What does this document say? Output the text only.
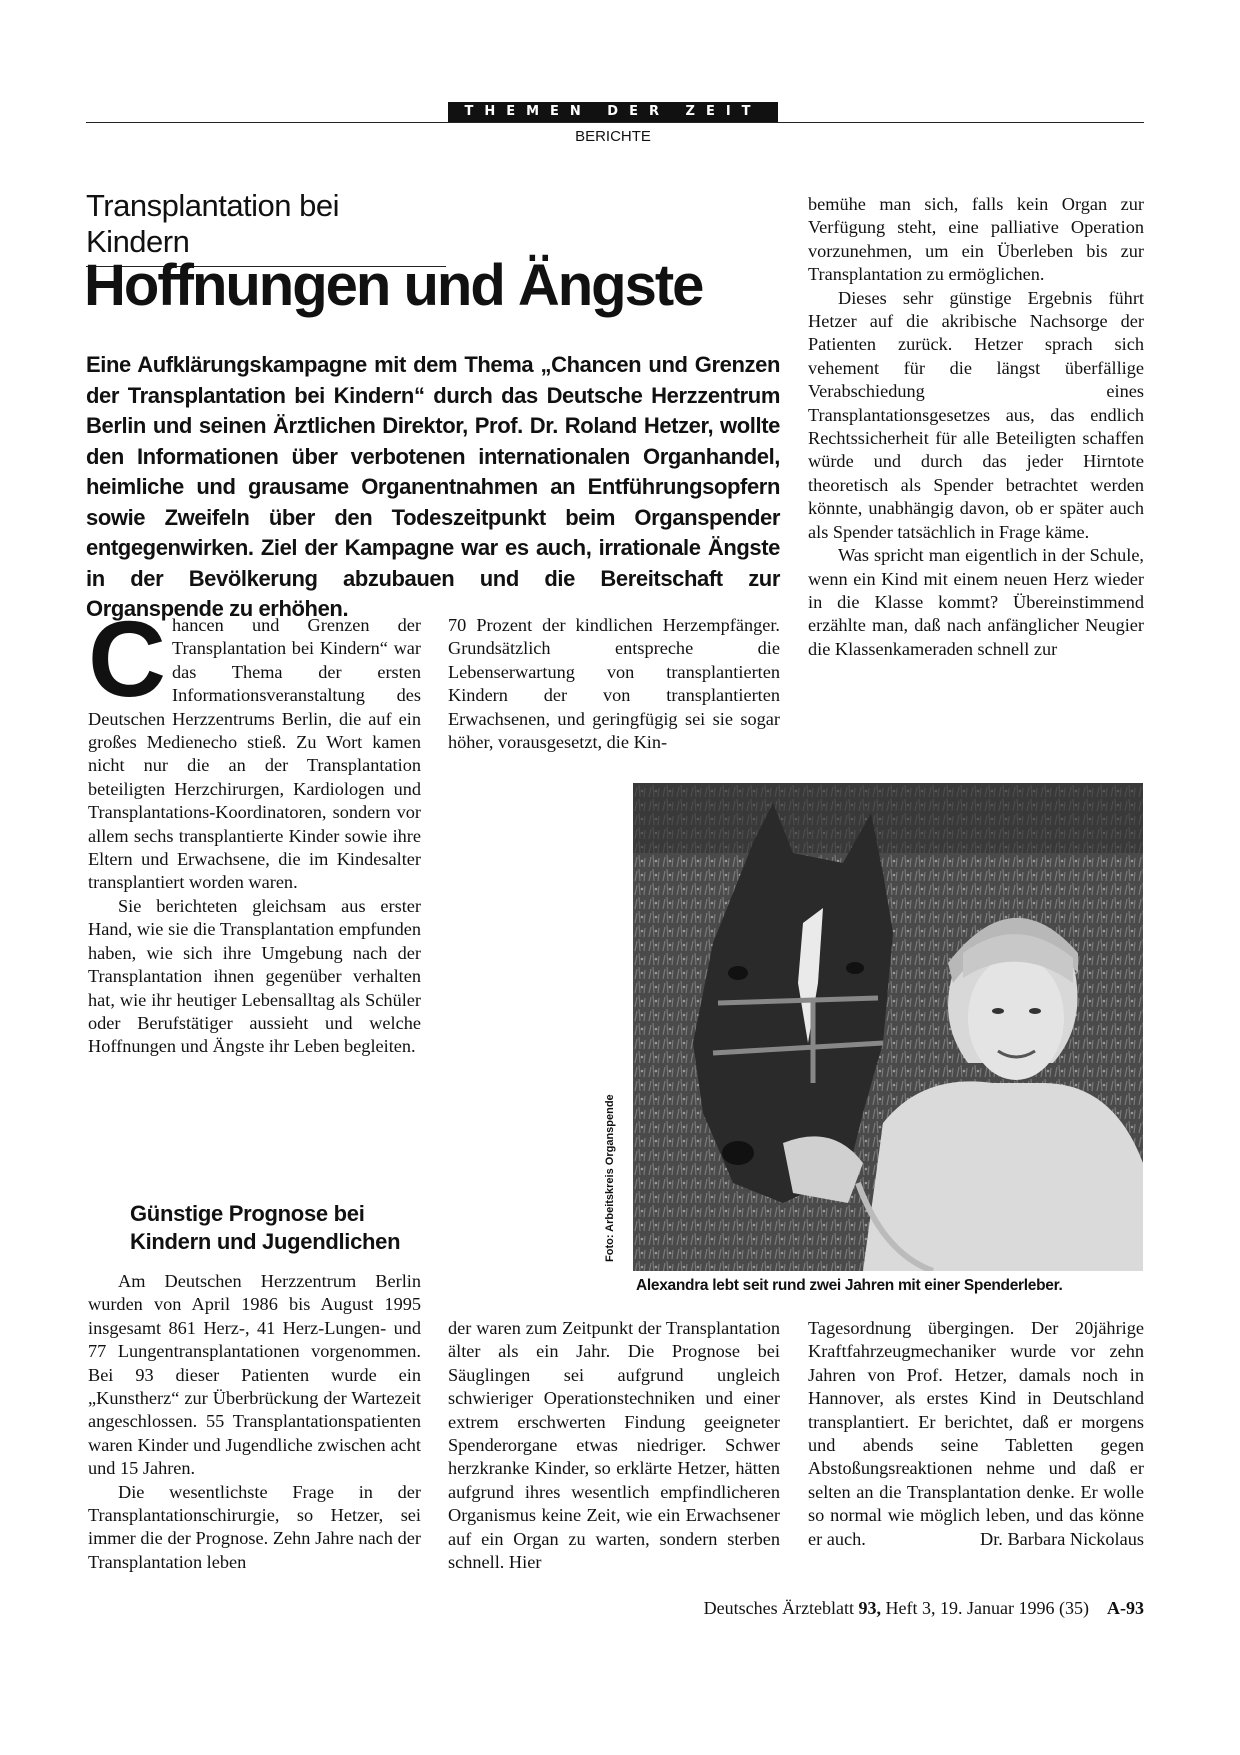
THEMEN DER ZEIT
BERICHTE
Transplantation bei Kindern
Hoffnungen und Ängste
Eine Aufklärungskampagne mit dem Thema „Chancen und Grenzen der Transplantation bei Kindern“ durch das Deutsche Herzzentrum Berlin und seinen Ärztlichen Direktor, Prof. Dr. Roland Hetzer, wollte den Informationen über verbotenen internationalen Organhandel, heimliche und grausame Organentnahmen an Entführungsopfern sowie Zweifeln über den Todeszeitpunkt beim Organspender entgegenwirken. Ziel der Kampagne war es auch, irrationale Ängste in der Bevölkerung abzubauen und die Bereitschaft zur Organspende zu erhöhen.
C hancen und Grenzen der Transplantation bei Kindern“ war das Thema der ersten Informationsveranstaltung des Deutschen Herzzentrums Berlin, die auf ein großes Medienecho stieß. Zu Wort kamen nicht nur die an der Transplantation beteiligten Herzchirurgen, Kardiologen und Transplantations-Koordinatoren, sondern vor allem sechs transplantierte Kinder sowie ihre Eltern und Erwachsene, die im Kindesalter transplantiert worden waren.

Sie berichteten gleichsam aus erster Hand, wie sie die Transplantation empfunden haben, wie sich ihre Umgebung nach der Transplantation ihnen gegenüber verhalten hat, wie ihr heutiger Lebensalltag als Schüler oder Berufstätiger aussieht und welche Hoffnungen und Ängste ihr Leben begleiten.

Günstige Prognose bei Kindern und Jugendlichen

Am Deutschen Herzzentrum Berlin wurden von April 1986 bis August 1995 insgesamt 861 Herz-, 41 Herz-Lungen- und 77 Lungentransplantationen vorgenommen. Bei 93 dieser Patienten wurde ein „Kunstherz“ zur Überbrückung der Wartezeit angeschlossen. 55 Transplantationspatienten waren Kinder und Jugendliche zwischen acht und 15 Jahren.

Die wesentlichste Frage in der Transplantationschirurgie, so Hetzer, sei immer die der Prognose. Zehn Jahre nach der Transplantation leben

70 Prozent der kindlichen Herzempfänger. Grundsätzlich entspreche die Lebenserwartung von transplantierten Kindern der von transplantierten Erwachsenen, und geringfügig sei sie sogar höher, vorausgesetzt, die Kin-

der waren zum Zeitpunkt der Transplantation älter als ein Jahr. Die Prognose bei Säuglingen sei aufgrund ungleich schwieriger Operationstechniken und einer extrem erschwerten Findung geeigneter Spenderorgane etwas niedriger. Schwer herzkranke Kinder, so erklärte Hetzer, hätten aufgrund ihres wesentlich empfindlicheren Organismus keine Zeit, wie ein Erwachsener auf ein Organ zu warten, sondern sterben schnell. Hier

bemühe man sich, falls kein Organ zur Verfügung steht, eine palliative Operation vorzunehmen, um ein Überleben bis zur Transplantation zu ermöglichen.

Dieses sehr günstige Ergebnis führt Hetzer auf die akribische Nachsorge der Patienten zurück. Hetzer sprach sich vehement für die längst überfällige Verabschiedung eines Transplantationsgesetzes aus, das endlich Rechtssicherheit für alle Beteiligten schaffen würde und durch das jeder Hirntote theoretisch als Spender betrachtet werden könnte, unabhängig davon, ob er später auch als Spender tatsächlich in Frage käme.

Was spricht man eigentlich in der Schule, wenn ein Kind mit einem neuen Herz wieder in die Klasse kommt? Übereinstimmend erzählte man, daß nach anfänglicher Neugier die Klassenkameraden schnell zur

Tagesordnung übergingen. Der 20jährige Kraftfahrzeugmechaniker wurde vor zehn Jahren von Prof. Hetzer, damals noch in Hannover, als erstes Kind in Deutschland transplantiert. Er berichtet, daß er morgens und abends seine Tabletten gegen Abstoßungsreaktionen nehme und daß er selten an die Transplantation denke. Er wolle so normal wie möglich leben, und das könne er auch.	Dr. Barbara Nickolaus

Foto: Arbeitskreis Organspende
Alexandra lebt seit rund zwei Jahren mit einer Spenderleber.
Deutsches Ärzteblatt 93, Heft 3, 19. Januar 1996 (35) A-93
